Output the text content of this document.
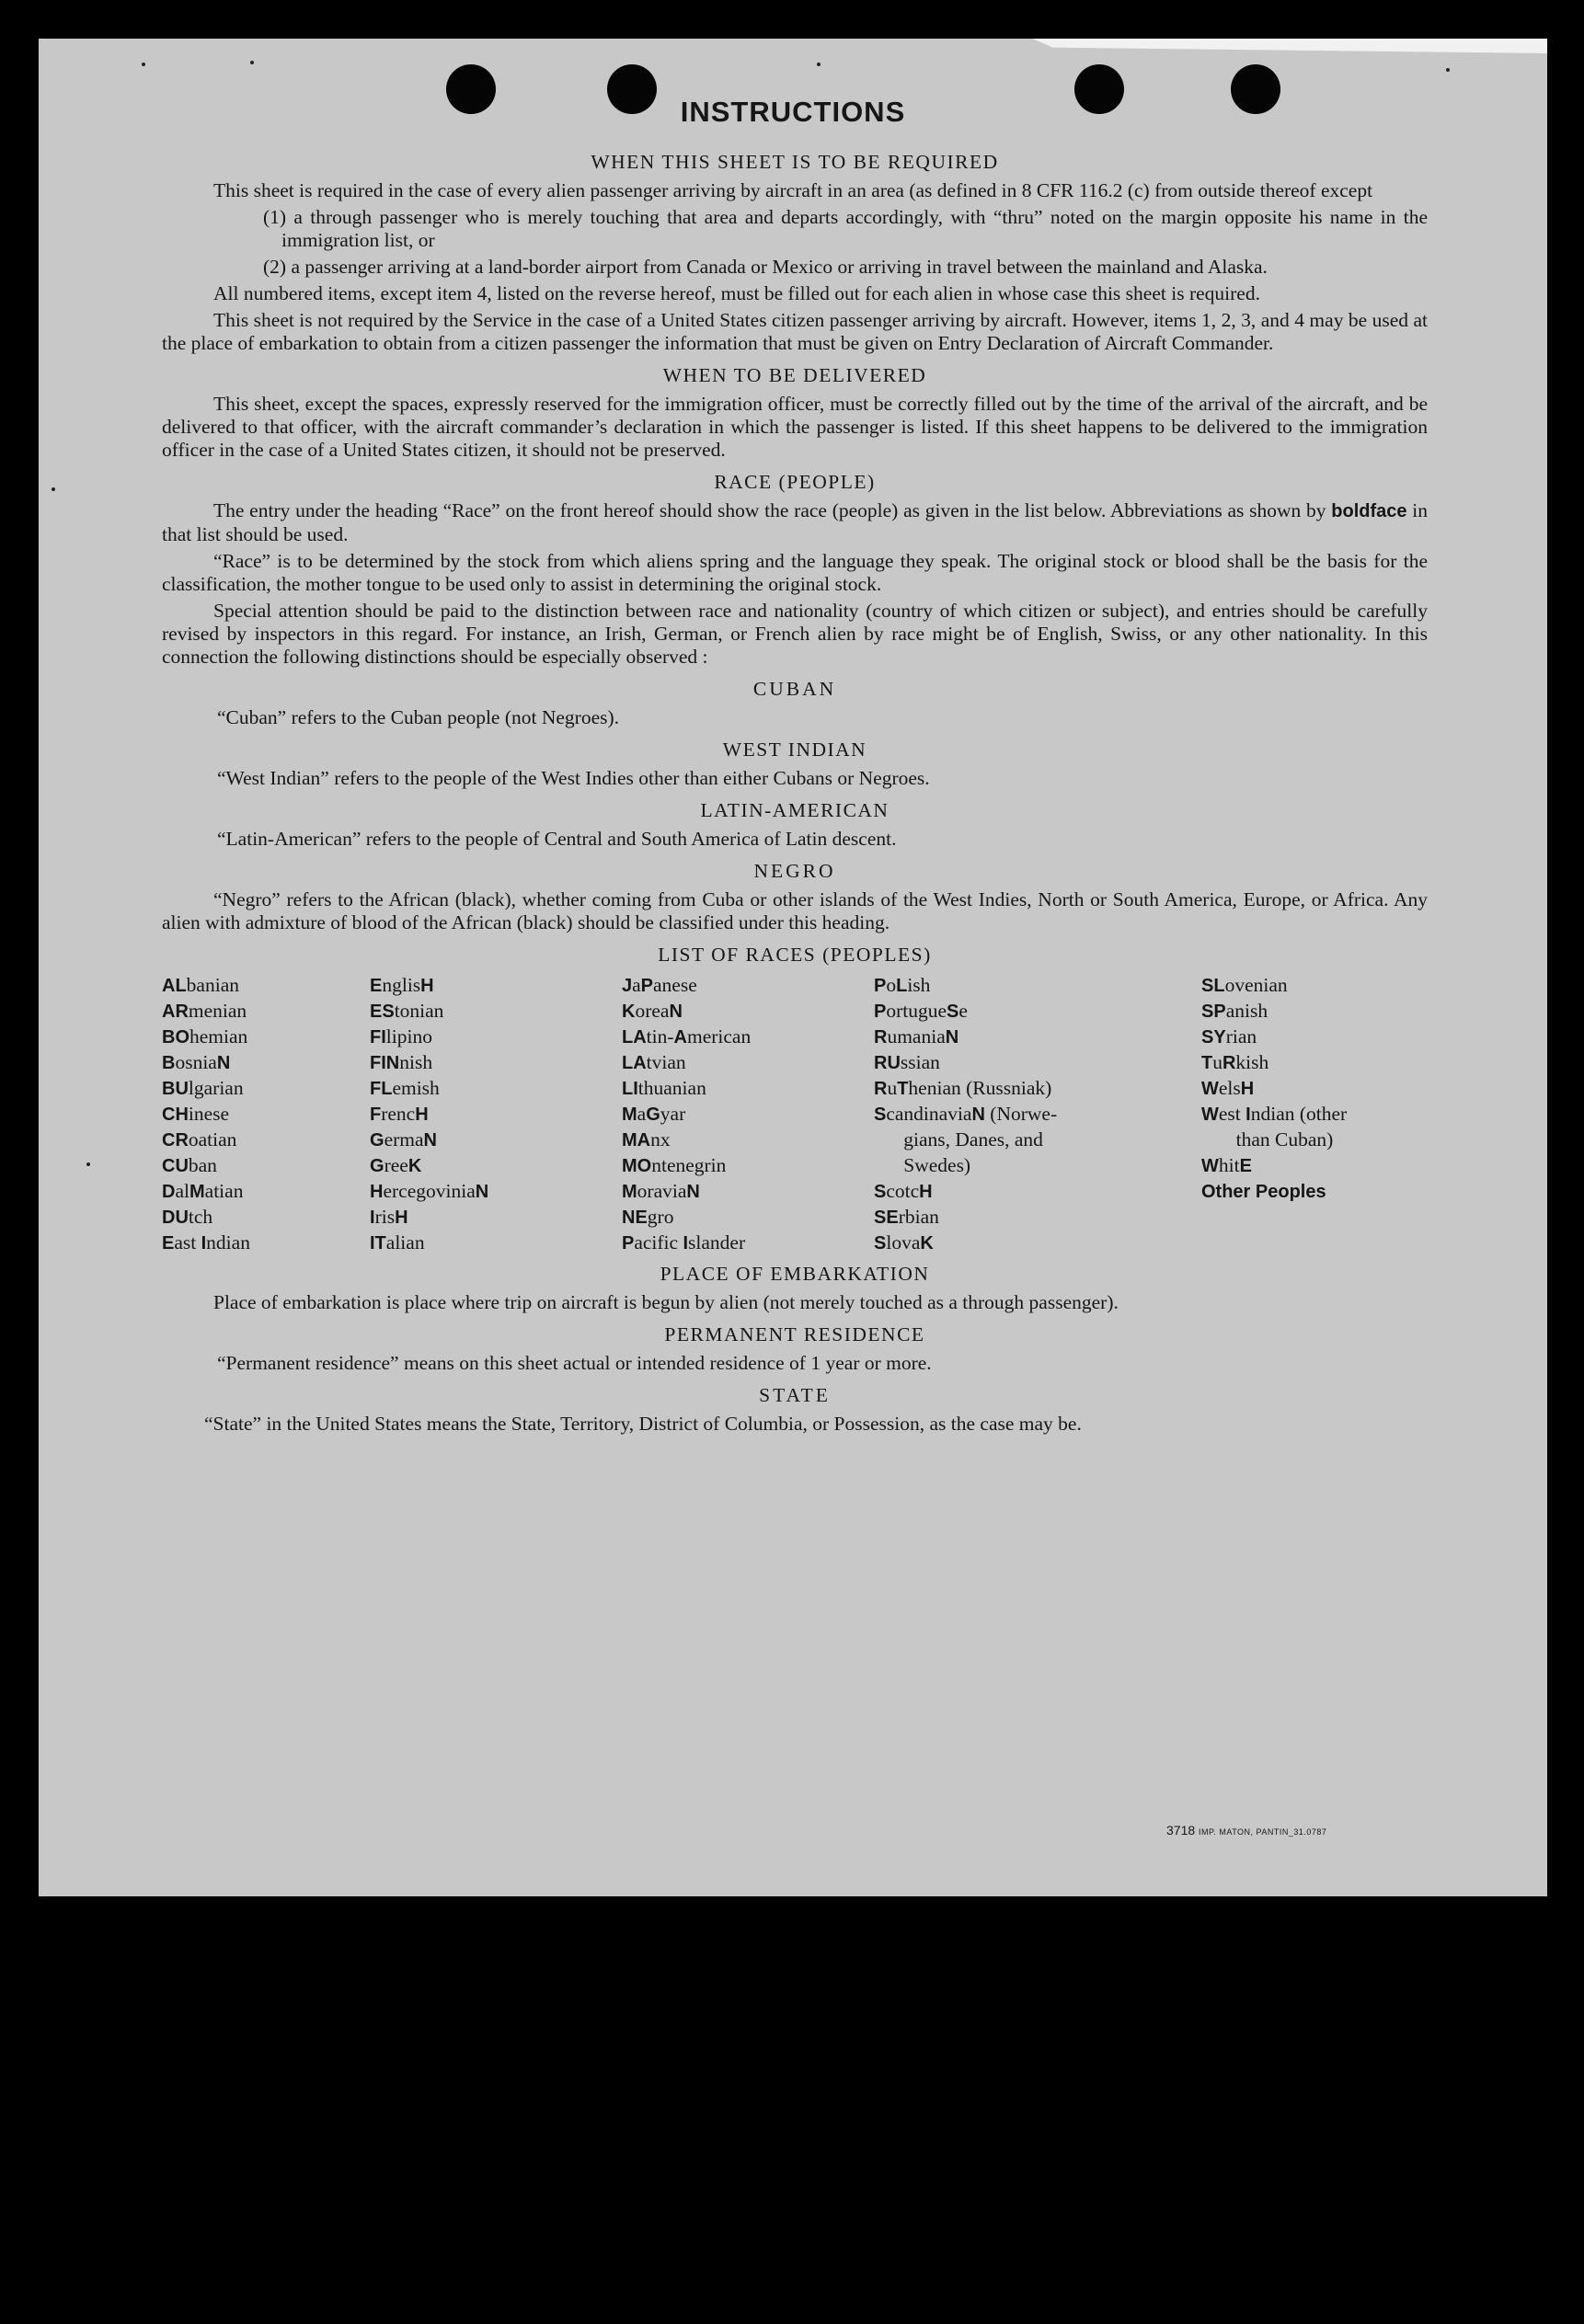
INSTRUCTIONS
WHEN THIS SHEET IS TO BE REQUIRED

This sheet is required in the case of every alien passenger arriving by aircraft in an area (as defined in 8 CFR 116.2 (c) from outside thereof except

(1) a through passenger who is merely touching that area and departs accordingly, with “thru” noted on the margin opposite his name in the immigration list, or
(2) a passenger arriving at a land-border airport from Canada or Mexico or arriving in travel between the mainland and Alaska.

All numbered items, except item 4, listed on the reverse hereof, must be filled out for each alien in whose case this sheet is required.

This sheet is not required by the Service in the case of a United States citizen passenger arriving by aircraft. However, items 1, 2, 3, and 4 may be used at the place of embarkation to obtain from a citizen passenger the information that must be given on Entry Declaration of Aircraft Commander.

WHEN TO BE DELIVERED

This sheet, except the spaces, expressly reserved for the immigration officer, must be correctly filled out by the time of the arrival of the aircraft, and be delivered to that officer, with the aircraft commander’s declaration in which the passenger is listed. If this sheet happens to be delivered to the immigration officer in the case of a United States citizen, it should not be preserved.

RACE (PEOPLE)

The entry under the heading “Race” on the front hereof should show the race (people) as given in the list below. Abbreviations as shown by boldface in that list should be used.

“Race” is to be determined by the stock from which aliens spring and the language they speak. The original stock or blood shall be the basis for the classification, the mother tongue to be used only to assist in determining the original stock.

Special attention should be paid to the distinction between race and nationality (country of which citizen or subject), and entries should be carefully revised by inspectors in this regard. For instance, an Irish, German, or French alien by race might be of English, Swiss, or any other nationality. In this connection the following distinctions should be especially observed :

CUBAN
“Cuban” refers to the Cuban people (not Negroes).
WEST INDIAN
“West Indian” refers to the people of the West Indies other than either Cubans or Negroes.
LATIN-AMERICAN
“Latin-American” refers to the people of Central and South America of Latin descent.
NEGRO

“Negro” refers to the African (black), whether coming from Cuba or other islands of the West Indies, North or South America, Europe, or Africa. Any alien with admixture of blood of the African (black) should be classified under this heading.

LIST OF RACES (PEOPLES)
ALbanian
ARmenian
BOhemian
BosniaN
BUlgarian
CHinese
CRoatian
CUban
DalMatian
DUtch
East Indian
EnglisH
EStonian
FIlipino
FINnish
FLemish
FrencH
GermaN
GreeK
HercegoviniaN
IrisH
ITalian
JaPanese
KoreaN
LAtin-American
LAtvian
LIthuanian
MaGyar
MAnx
MOntenegrin
MoraviaN
NEgro
Pacific Islander
PoLish
PortugueSe
RumaniaN
RUssian
RuThenian (Russniak)
ScandinaviaN (Norwe-
gians, Danes, and
Swedes)
ScotcH
SErbian
SlovaK
SLovenian
SPanish
SYrian
TuRkish
WelsH
West Indian (other
than Cuban)
WhitE
Other Peoples
PLACE OF EMBARKATION

Place of embarkation is place where trip on aircraft is begun by alien (not merely touched as a through passenger).

PERMANENT RESIDENCE
“Permanent residence” means on this sheet actual or intended residence of 1 year or more.
STATE
“State” in the United States means the State, Territory, District of Columbia, or Possession, as the case may be.
3718 IMP. MATON, PANTIN_31.0787
